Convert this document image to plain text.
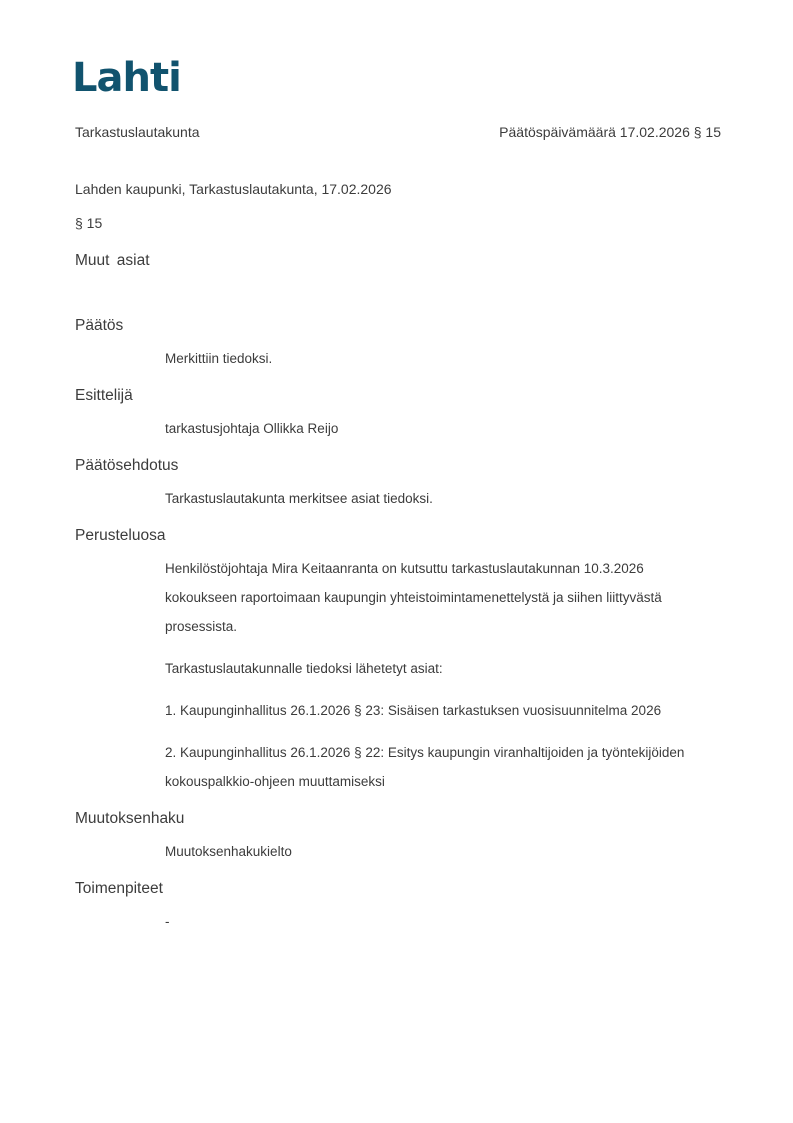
Lahti
Tarkastuslautakunta	Päätöspäivämäärä 17.02.2026 § 15

Lahden kaupunki, Tarkastuslautakunta, 17.02.2026

§ 15

Muut asiat
Päätös

Merkittiin tiedoksi.

Esittelijä

tarkastusjohtaja Ollikka Reijo

Päätösehdotus

Tarkastuslautakunta merkitsee asiat tiedoksi.

Perusteluosa

Henkilöstöjohtaja Mira Keitaanranta on kutsuttu tarkastuslautakunnan 10.3.2026 kokoukseen raportoimaan kaupungin yhteistoimintamenettelystä ja siihen liittyvästä prosessista.

Tarkastuslautakunnalle tiedoksi lähetetyt asiat:

1. Kaupunginhallitus 26.1.2026 § 23: Sisäisen tarkastuksen vuosisuunnitelma 2026

2. Kaupunginhallitus 26.1.2026 § 22: Esitys kaupungin viranhaltijoiden ja työntekijöiden kokouspalkkio-ohjeen muuttamiseksi

Muutoksenhaku

Muutoksenhakukielto

Toimenpiteet

-
